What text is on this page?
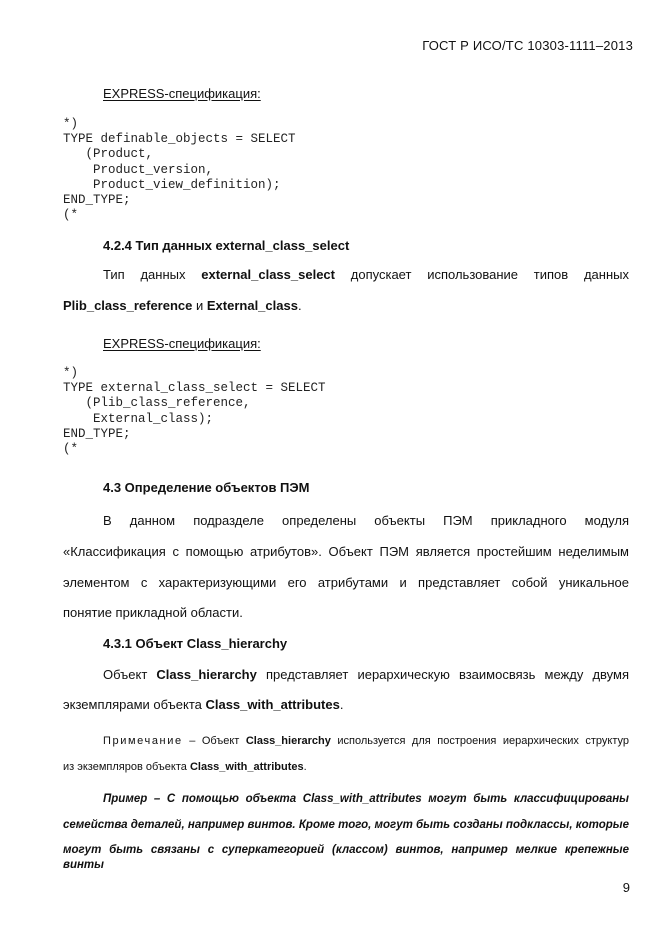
ГОСТ Р ИСО/ТС 10303-1111–2013
EXPRESS-спецификация:
*)
TYPE definable_objects = SELECT
(Product,
Product_version,
Product_view_definition);
END_TYPE;
(*
4.2.4 Тип данных external_class_select
Тип данных external_class_select допускает использование типов данных
Plib_class_reference и External_class.
EXPRESS-спецификация:
*)
TYPE external_class_select = SELECT
(Plib_class_reference,
External_class);
END_TYPE;
(*
4.3 Определение объектов ПЭМ
В данном подразделе определены объекты ПЭМ прикладного модуля
«Классификация с помощью атрибутов». Объект ПЭМ является простейшим неделимым
элементом с характеризующими его атрибутами и представляет собой уникальное
понятие прикладной области.
4.3.1 Объект Class_hierarchy
Объект Class_hierarchy представляет иерархическую взаимосвязь между двумя
экземплярами объекта Class_with_attributes.
Примечание – Объект Class_hierarchy используется для построения иерархических структур
из экземпляров объекта Class_with_attributes.
Пример – С помощью объекта Class_with_attributes могут быть классифицированы
семейства деталей, например винтов. Кроме того, могут быть созданы подклассы, которые
могут быть связаны с суперкатегорией (классом) винтов, например мелкие крепежные винты
9
